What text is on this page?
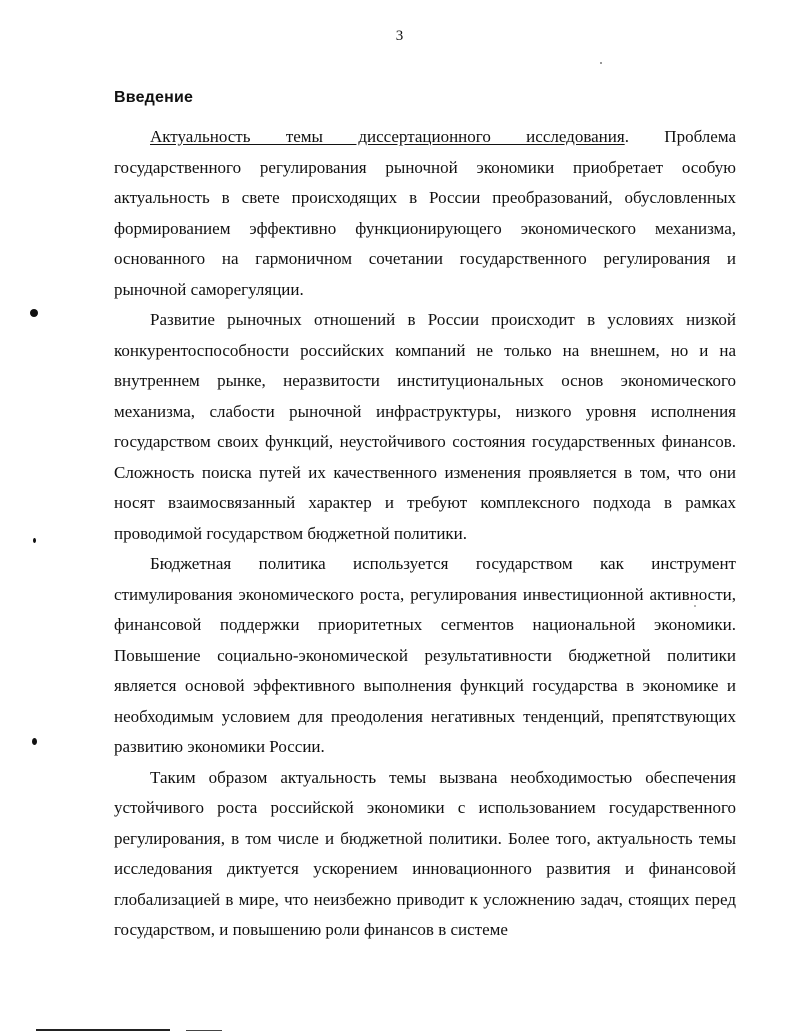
3
Введение

Актуальность темы диссертационного исследования. Проблема государственного регулирования рыночной экономики приобретает особую актуальность в свете происходящих в России преобразований, обусловленных формированием эффективно функционирующего экономического механизма, основанного на гармоничном сочетании государственного регулирования и рыночной саморегуляции.

Развитие рыночных отношений в России происходит в условиях низкой конкурентоспособности российских компаний не только на внешнем, но и на внутреннем рынке, неразвитости институциональных основ экономического механизма, слабости рыночной инфраструктуры, низкого уровня исполнения государством своих функций, неустойчивого состояния государственных финансов. Сложность поиска путей их качественного изменения проявляется в том, что они носят взаимосвязанный характер и требуют комплексного подхода в рамках проводимой государством бюджетной политики.

Бюджетная политика используется государством как инструмент стимулирования экономического роста, регулирования инвестиционной активности, финансовой поддержки приоритетных сегментов национальной экономики. Повышение социально-экономической результативности бюджетной политики является основой эффективного выполнения функций государства в экономике и необходимым условием для преодоления негативных тенденций, препятствующих развитию экономики России.

Таким образом актуальность темы вызвана необходимостью обеспечения устойчивого роста российской экономики с использованием государственного регулирования, в том числе и бюджетной политики. Более того, актуальность темы исследования диктуется ускорением инновационного развития и финансовой глобализацией в мире, что неизбежно приводит к усложнению задач, стоящих перед государством, и повышению роли финансов в системе
